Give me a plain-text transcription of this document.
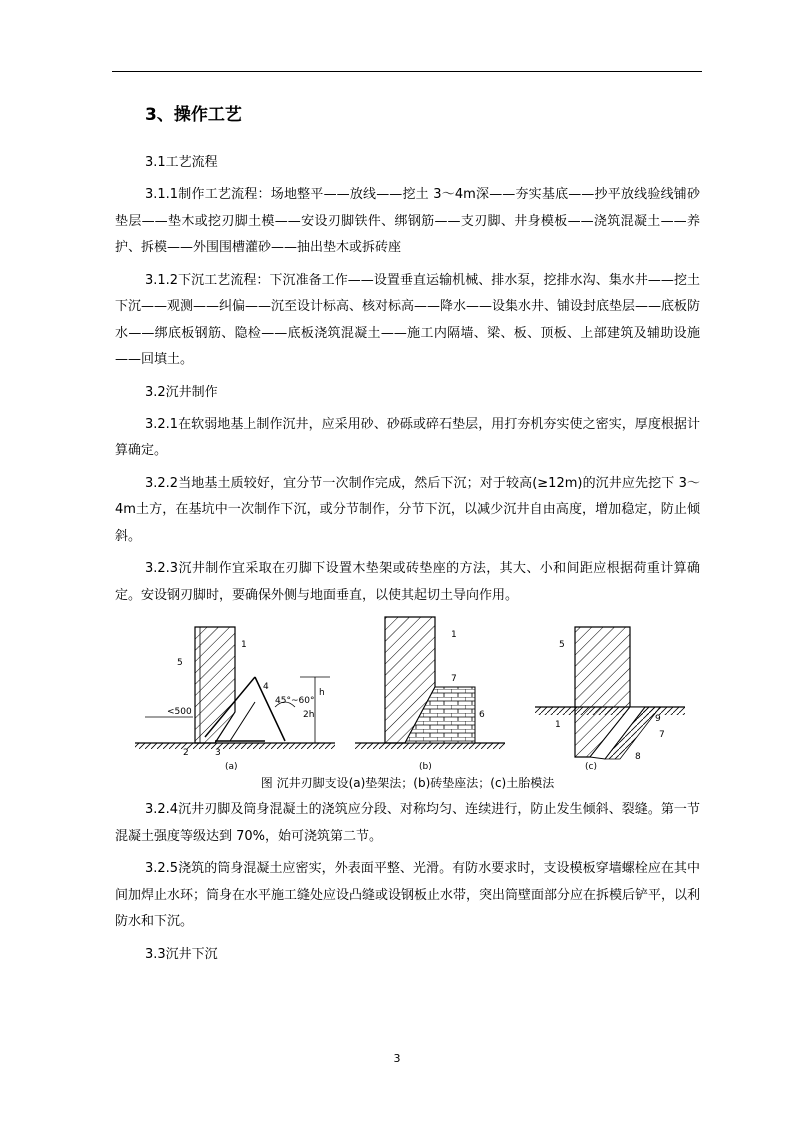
3、操作工艺
3.1工艺流程

3.1.1制作工艺流程：场地整平——放线——挖土 3～4m深——夯实基底——抄平放线验线铺砂垫层——垫木或挖刃脚土模——安设刃脚铁件、绑钢筋——支刃脚、井身模板——浇筑混凝土——养护、拆模——外围围槽灌砂——抽出垫木或拆砖座

3.1.2下沉工艺流程：下沉准备工作——设置垂直运输机械、排水泵，挖排水沟、集水井——挖土下沉——观测——纠偏——沉至设计标高、核对标高——降水——设集水井、铺设封底垫层——底板防水——绑底板钢筋、隐检——底板浇筑混凝土——施工内隔墙、梁、板、顶板、上部建筑及辅助设施——回填土。

3.2沉井制作

3.2.1在软弱地基上制作沉井，应采用砂、砂砾或碎石垫层，用打夯机夯实使之密实，厚度根据计算确定。

3.2.2当地基土质较好，宜分节一次制作完成，然后下沉；对于较高(≥12m)的沉井应先挖下 3～4m土方，在基坑中一次制作下沉，或分节制作，分节下沉，以减少沉井自由高度，增加稳定，防止倾斜。

3.2.3沉井制作宜采取在刃脚下设置木垫架或砖垫座的方法，其大、小和间距应根据荷重计算确定。安设钢刃脚时，要确保外侧与地面垂直，以使其起切土导向作用。

5
1
4
<500
45°~60°
2h
h
2	3
(a)
1
7
6
(b)
5
1
9
7
8
(c)
图 沉井刃脚支设(a)垫架法；(b)砖垫座法；(c)土胎模法

3.2.4沉井刃脚及筒身混凝土的浇筑应分段、对称均匀、连续进行，防止发生倾斜、裂缝。第一节混凝土强度等级达到 70%，始可浇筑第二节。

3.2.5浇筑的筒身混凝土应密实，外表面平整、光滑。有防水要求时，支设模板穿墙螺栓应在其中间加焊止水环；筒身在水平施工缝处应设凸缝或设钢板止水带，突出筒壁面部分应在拆模后铲平，以利防水和下沉。

3.3沉井下沉
3
